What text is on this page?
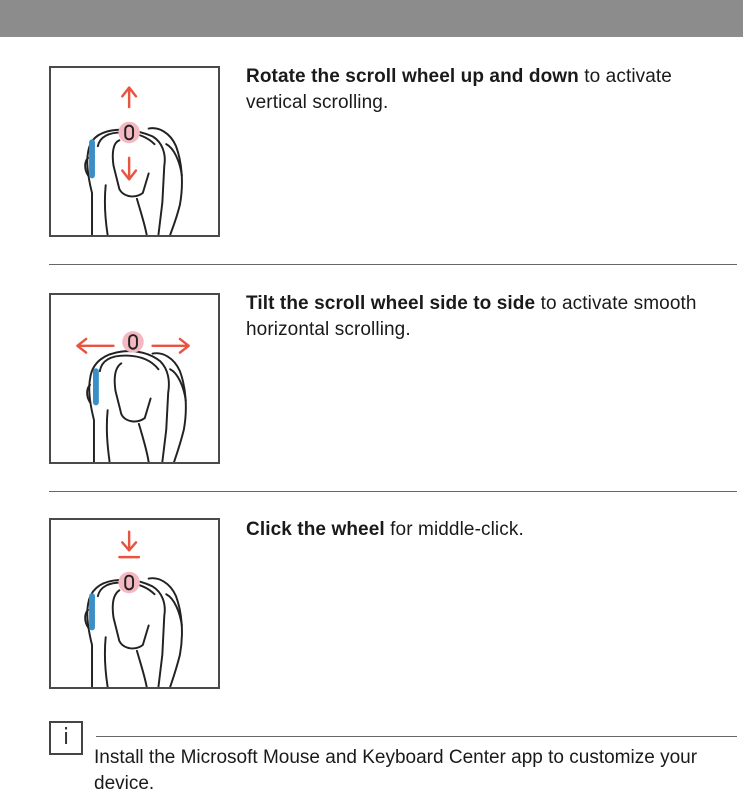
Rotate the scroll wheel up and down to activate vertical scrolling.
Tilt the scroll wheel side to side to activate smooth horizontal scrolling.
Click the wheel for middle-click.
i
Install the Microsoft Mouse and Keyboard Center app to customize your device.
